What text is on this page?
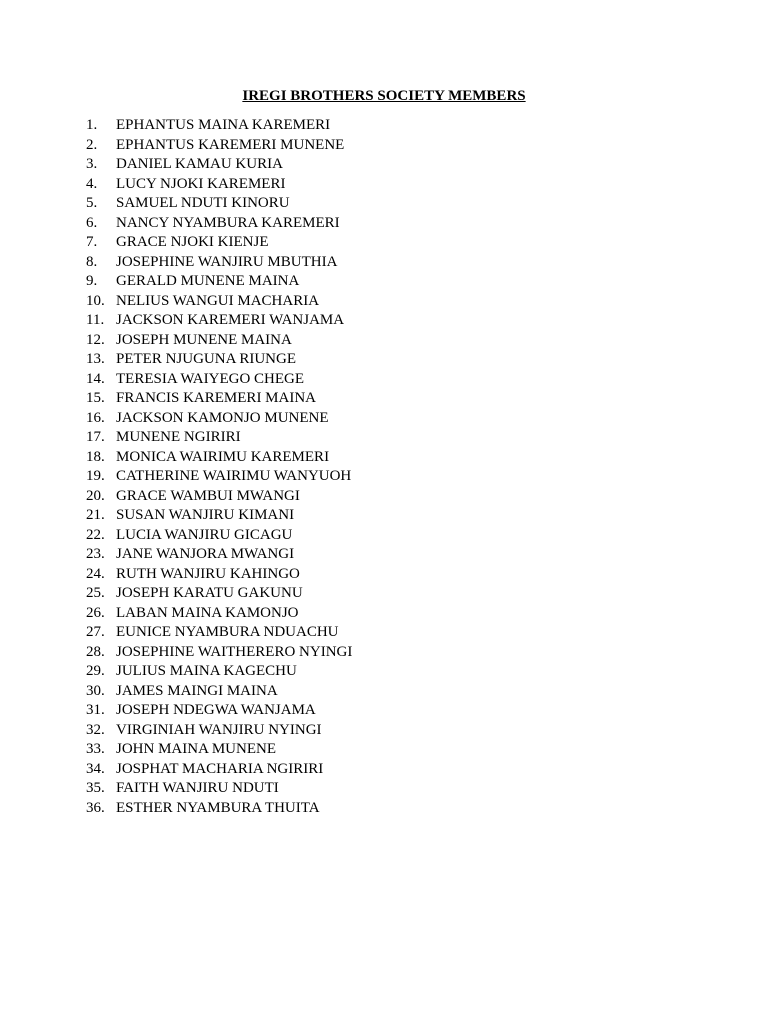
IREGI BROTHERS SOCIETY MEMBERS
1.	EPHANTUS MAINA KAREMERI
2.	EPHANTUS KAREMERI MUNENE
3.	DANIEL KAMAU KURIA
4.	LUCY NJOKI KAREMERI
5.	SAMUEL NDUTI KINORU
6.	NANCY NYAMBURA KAREMERI
7.	GRACE NJOKI KIENJE
8.	JOSEPHINE WANJIRU MBUTHIA
9.	GERALD MUNENE MAINA
10. NELIUS WANGUI MACHARIA
11. JACKSON KAREMERI WANJAMA
12. JOSEPH MUNENE MAINA
13. PETER NJUGUNA RIUNGE
14. TERESIA WAIYEGO CHEGE
15. FRANCIS KAREMERI MAINA
16. JACKSON KAMONJO MUNENE
17. MUNENE NGIRIRI
18. MONICA WAIRIMU KAREMERI
19. CATHERINE WAIRIMU WANYUOH
20. GRACE WAMBUI MWANGI
21. SUSAN WANJIRU KIMANI
22. LUCIA WANJIRU GICAGU
23. JANE WANJORA MWANGI
24. RUTH WANJIRU KAHINGO
25. JOSEPH KARATU GAKUNU
26. LABAN MAINA KAMONJO
27. EUNICE NYAMBURA NDUACHU
28. JOSEPHINE WAITHERERO NYINGI
29. JULIUS MAINA KAGECHU
30. JAMES MAINGI MAINA
31. JOSEPH NDEGWA WANJAMA
32. VIRGINIAH WANJIRU NYINGI
33. JOHN MAINA MUNENE
34. JOSPHAT MACHARIA NGIRIRI
35. FAITH WANJIRU NDUTI
36. ESTHER NYAMBURA THUITA
